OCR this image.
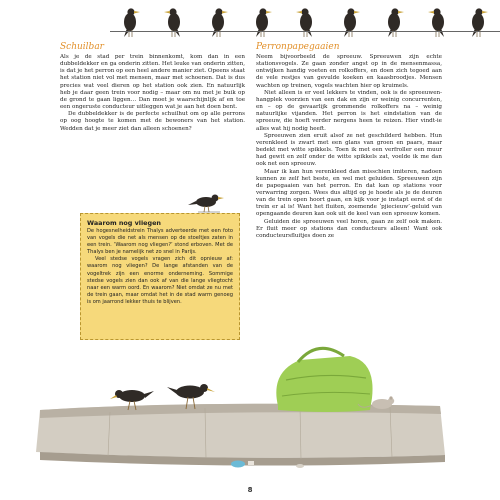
Schuilbar

Als je de stad per trein binnenkomt, kom dan in een dubbeldekker en ga onderin zitten. Het leuke van onderin zitten, is dat je het perron op een heel andere manier ziet. Opeens staat het station niet vol met mensen, maar met schoenen. Dat is dus precies wat veel dieren op het station ook zien. En natuurlijk heb je daar geen trein voor nodig – maar om nu met je buik op de grond te gaan liggen… Dan moet je waarschijnlijk af en toe een ongeruste conducteur uitleggen wat je aan het doen bent.

De dubbeldekker is de perfecte schuilhut om op alle perrons op oog hoogte te komen met de bewoners van het station. Wedden dat je meer ziet dan alleen schoenen?

Perronpapegaaien

Neem bijvoorbeeld de spreeuw. Spreeuwen zijn echte stationsvogels. Ze gaan zonder angst op in de mensenmassa, ontwijken handig voeten en rolkoffers, en doen zich tegoed aan de vele restjes van gevulde koeken en kaasbroodjes. Mensen wachten op treinen, vogels wachten hier op kruimels.

Niet alleen is er veel lekkers te vinden, ook is de spreeuwen-hangplek voorzien van een dak en zijn er weinig concurrenten, en – op de gevaarlijk grommende rolkoffers na – weinig natuurlijke vijanden. Het perron is het eindstation van de spreeuw, die hoeft verder nergens heen te reizen. Hier vindt-ie alles wat hij nodig heeft.

Spreeuwen zien eruit alsof ze net geschilderd hebben. Hun verenkleed is zwart met een glans van groen en paars, maar bedekt met witte spikkels. Toen ik met een verfroller een muur had gewit en zelf onder de witte spikkels zat, voelde ik me dan ook net een spreeuw.

Maar ik kan hun verenkleed dan misschien imiteren, nadoen kunnen ze zelf het beste, en wel met geluiden. Spreeuwen zijn de papegaaien van het perron. En dat kan op stations voor verwarring zorgen. Wees dus altijd op je hoede als je de deuren van de trein open hoort gaan, en kijk voor je instapt eerst of de trein er al is! Want het fluiten, zoemende ‘pjiecieuw’-geluid van opengaande deuren kan ook uit de keel van een spreeuw komen.

Geluiden die spreeuwen veel horen, gaan ze zelf ook maken. Er fluit meer op stations dan conducteurs alleen! Want ook conducteursfluitjes doen ze

Waarom nog vliegen

De hogesnelheidstrein Thalys adverteerde met een foto van vogels die net als mensen op de stoeltjes zaten in een trein. ‘Waarom nog vliegen?’ stond erboven. Met de Thalys ben je namelijk net zo snel in Parijs.

Veel stedse vogels vragen zich dit opnieuw af: waarom nog vliegen? De lange afstanden van de vogeltrek zijn een enorme onderneming. Sommige stedse vogels zien dan ook af van die lange vliegtocht naar een warm oord. En waarom? Niet omdat ze nu met de trein gaan, maar omdat het in de stad warm genoeg is om jaarrond lekker thuis te blijven.

8
